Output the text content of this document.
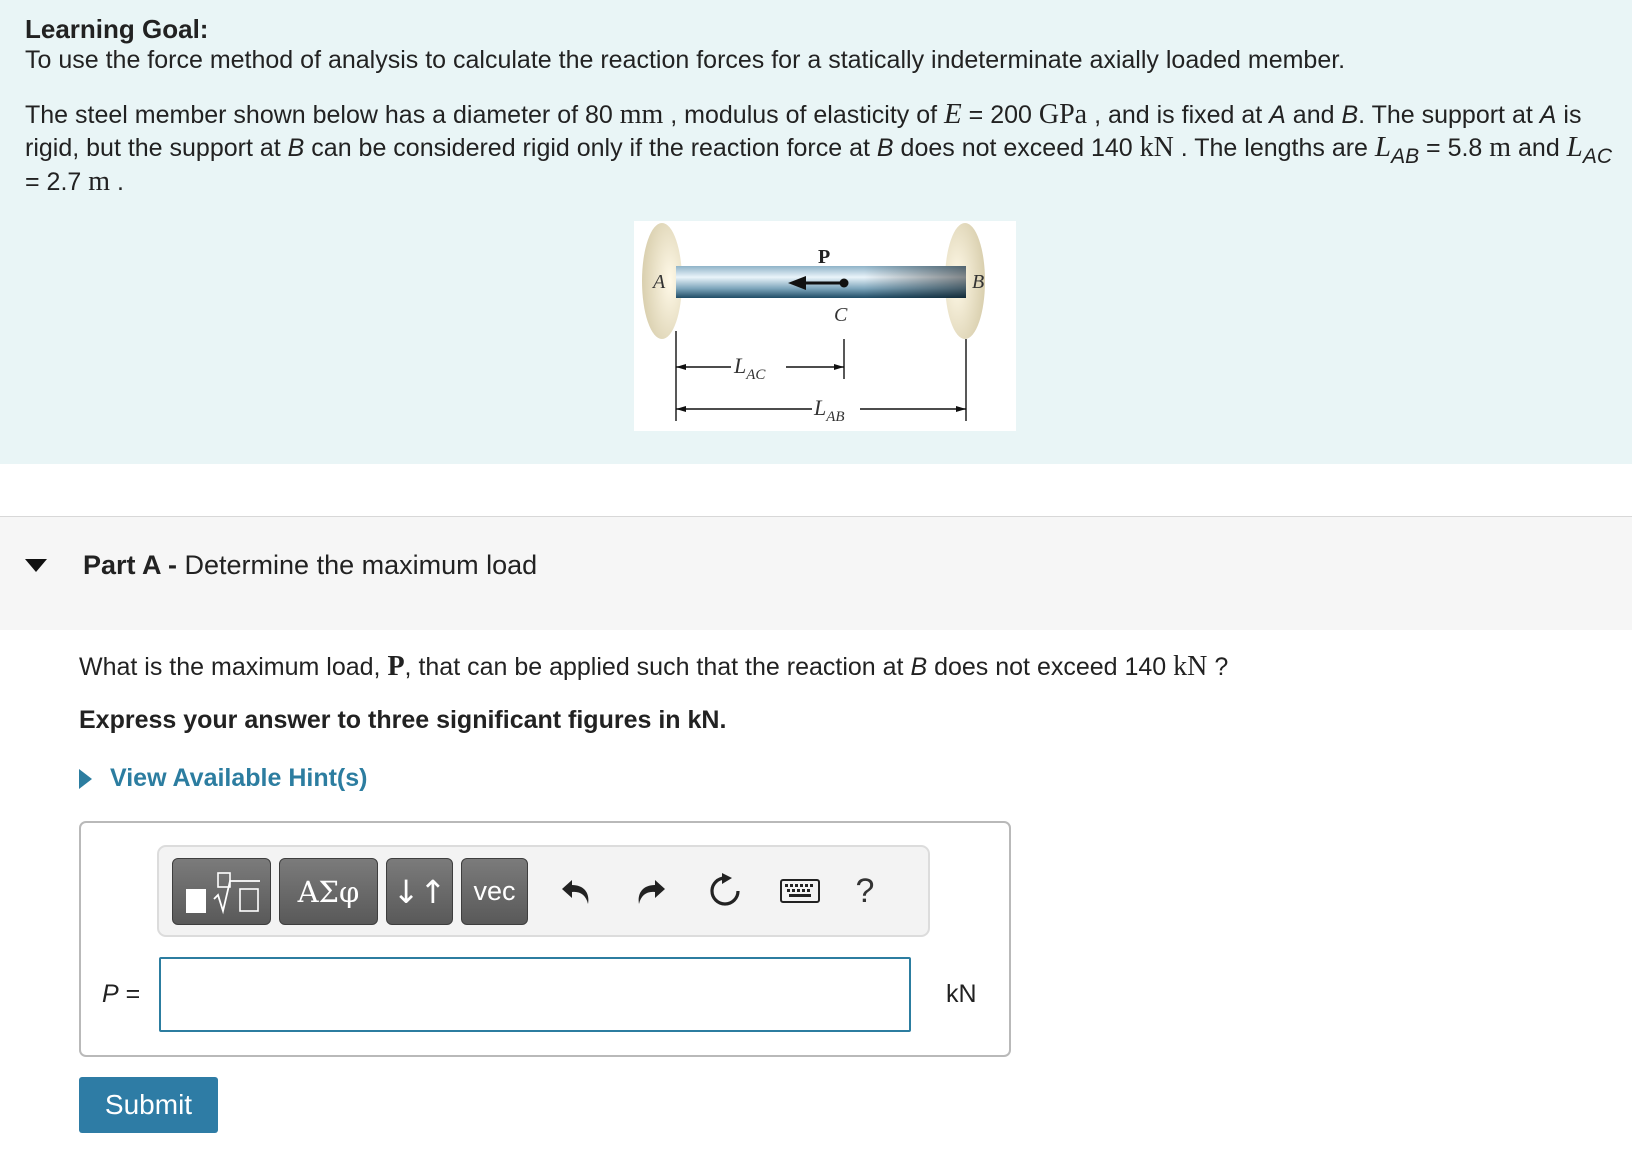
Learning Goal:
To use the force method of analysis to calculate the reaction forces for a statically indeterminate axially loaded member.
The steel member shown below has a diameter of 80 mm , modulus of elasticity of E = 200 GPa , and is fixed at A and B. The support at A is rigid, but the support at B can be considered rigid only if the reaction force at B does not exceed 140 kN . The lengths are $L_{AB} = 5.8$ m and $L_{AC} = 2.7$ m .
A	B
P
C
$L_{AC}$
$L_{AB}$
Part A - Determine the maximum load
What is the maximum load, P, that can be applied such that the reaction at B does not exceed 140 kN ?
Express your answer to three significant figures in kN.
View Available Hint(s)
ΑΣφ	↓↑	vec	?
P =	kN
Submit
